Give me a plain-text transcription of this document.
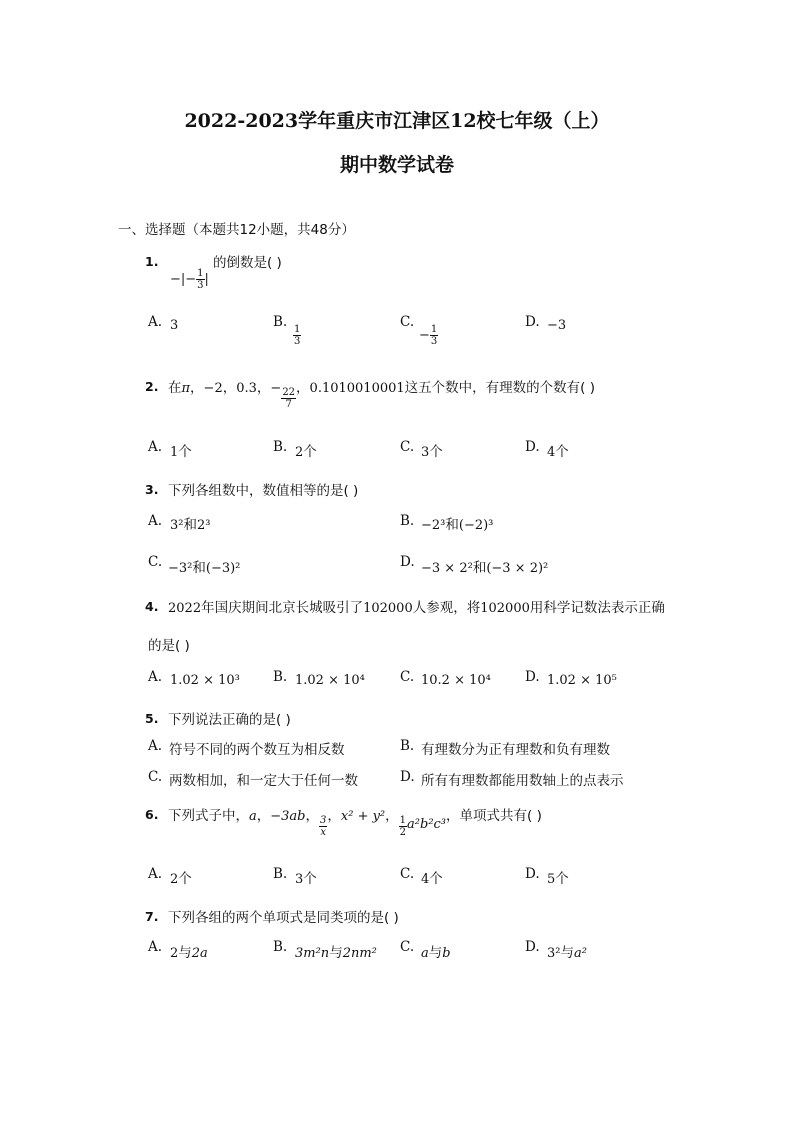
2022-2023学年重庆市江津区12校七年级（上）
期中数学试卷
一、选择题（本题共12小题，共48分）
1.
−|− $\frac{1}{3}$ |
的倒数是( )
A. 3	B.
$\frac{1}{3}$
C.
− $\frac{1}{3}$
D. −3
2. 在π，−2，0.3，− $\frac{22}{7}$ ，0.1010010001这五个数中，有理数的个数有( )
A. 1个	B. 2个	C. 3个	D. 4个
3. 下列各组数中，数值相等的是( )
A. 3²和2³	B. −2³和(−2)³
C. −3²和(−3)²	D. −3 × 2²和(−3 × 2)²
4. 2022年国庆期间北京长城吸引了102000人参观，将102000用科学记数法表示正确
的是( )
A. 1.02 × 10³ B. 1.02 × 10⁴	C. 10.2 × 10⁴	D. 1.02 × 10⁵
5. 下列说法正确的是( )
A. 符号不同的两个数互为相反数	B. 有理数分为正有理数和负有理数
C. 两数相加，和一定大于任何一数	D. 所有有理数都能用数轴上的点表示
6. 下列式子中，a，−3ab， $\frac{3}{x}$ ，x² + y²， $\frac{1}{2} a^2b^2c^3$，单项式共有( )
A. 2个	B. 3个	C. 4个	D. 5个
7. 下列各组的两个单项式是同类项的是( )
A. 2与2a	B. 3m²n与2nm² C. a与b	D. 3²与a²
